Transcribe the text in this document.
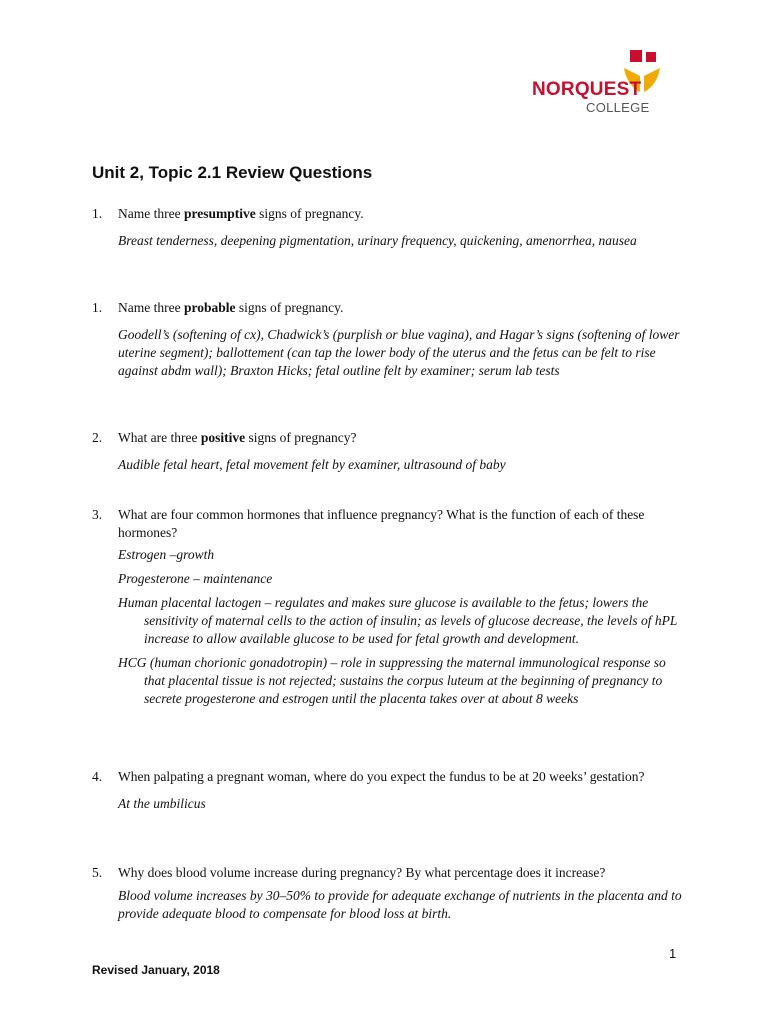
NORQUEST
COLLEGE
Unit 2, Topic 2.1 Review Questions
1. Name three presumptive signs of pregnancy.

Breast tenderness, deepening pigmentation, urinary frequency, quickening, amenorrhea, nausea

1. Name three probable signs of pregnancy.

Goodell’s (softening of cx), Chadwick’s (purplish or blue vagina), and Hagar’s signs (softening of lower uterine segment); ballottement (can tap the lower body of the uterus and the fetus can be felt to rise against abdm wall); Braxton Hicks; fetal outline felt by examiner; serum lab tests

2. What are three positive signs of pregnancy?

Audible fetal heart, fetal movement felt by examiner, ultrasound of baby

3. What are four common hormones that influence pregnancy? What is the function of each of these hormones?

Estrogen –growth

Progesterone – maintenance

Human placental lactogen – regulates and makes sure glucose is available to the fetus; lowers the sensitivity of maternal cells to the action of insulin; as levels of glucose decrease, the levels of hPL increase to allow available glucose to be used for fetal growth and development.

HCG (human chorionic gonadotropin) – role in suppressing the maternal immunological response so that placental tissue is not rejected; sustains the corpus luteum at the beginning of pregnancy to secrete progesterone and estrogen until the placenta takes over at about 8 weeks

4. When palpating a pregnant woman, where do you expect the fundus to be at 20 weeks’ gestation?

At the umbilicus

5. Why does blood volume increase during pregnancy? By what percentage does it increase?

Blood volume increases by 30–50% to provide for adequate exchange of nutrients in the placenta and to provide adequate blood to compensate for blood loss at birth.

1
Revised January, 2018
